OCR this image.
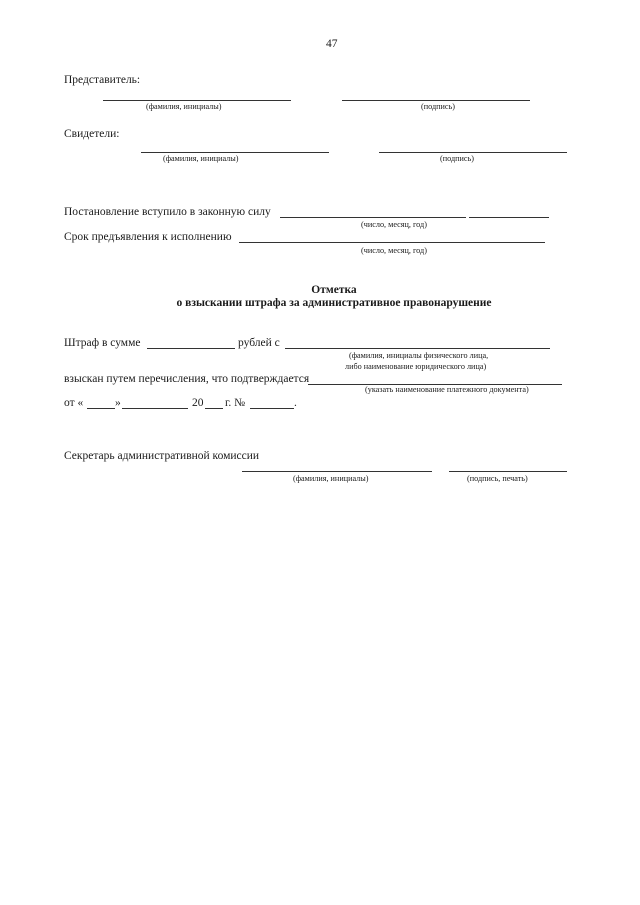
47
Представитель:
(фамилия, инициалы)	(подпись)
Свидетели:
(фамилия, инициалы)	(подпись)
Постановление вступило в законную силу
(число, месяц, год)
Срок предъявления к исполнению
(число, месяц, год)
Отметка
о взыскании штрафа за административное правонарушение
Штраф в сумме	рублей с
(фамилия, инициалы физического лица,
либо наименование юридического лица)
взыскан путем перечисления, что подтверждается
(указать наименование платежного документа)
от «	»	20 г. №	.
Секретарь административной комиссии
(фамилия, инициалы)	(подпись, печать)
